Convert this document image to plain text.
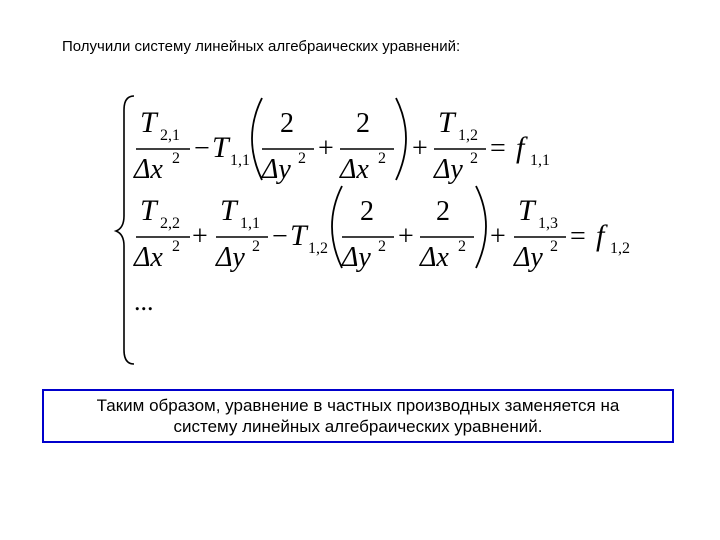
Получили систему линейных алгебраических уравнений:
T 2,1
Δx 2 − T 1,1
2
Δy 2 +
2
Δx 2 +
T 1,2
Δy 2 = f 1,1
T 2,2
Δx 2 +
T 1,1
Δy 2 − T 1,2
2
Δy 2 +
2
Δx 2 +
T 1,3
Δy 2 = f 1,2
...
Таким образом, уравнение в частных производных заменяется на
систему линейных алгебраических уравнений.
